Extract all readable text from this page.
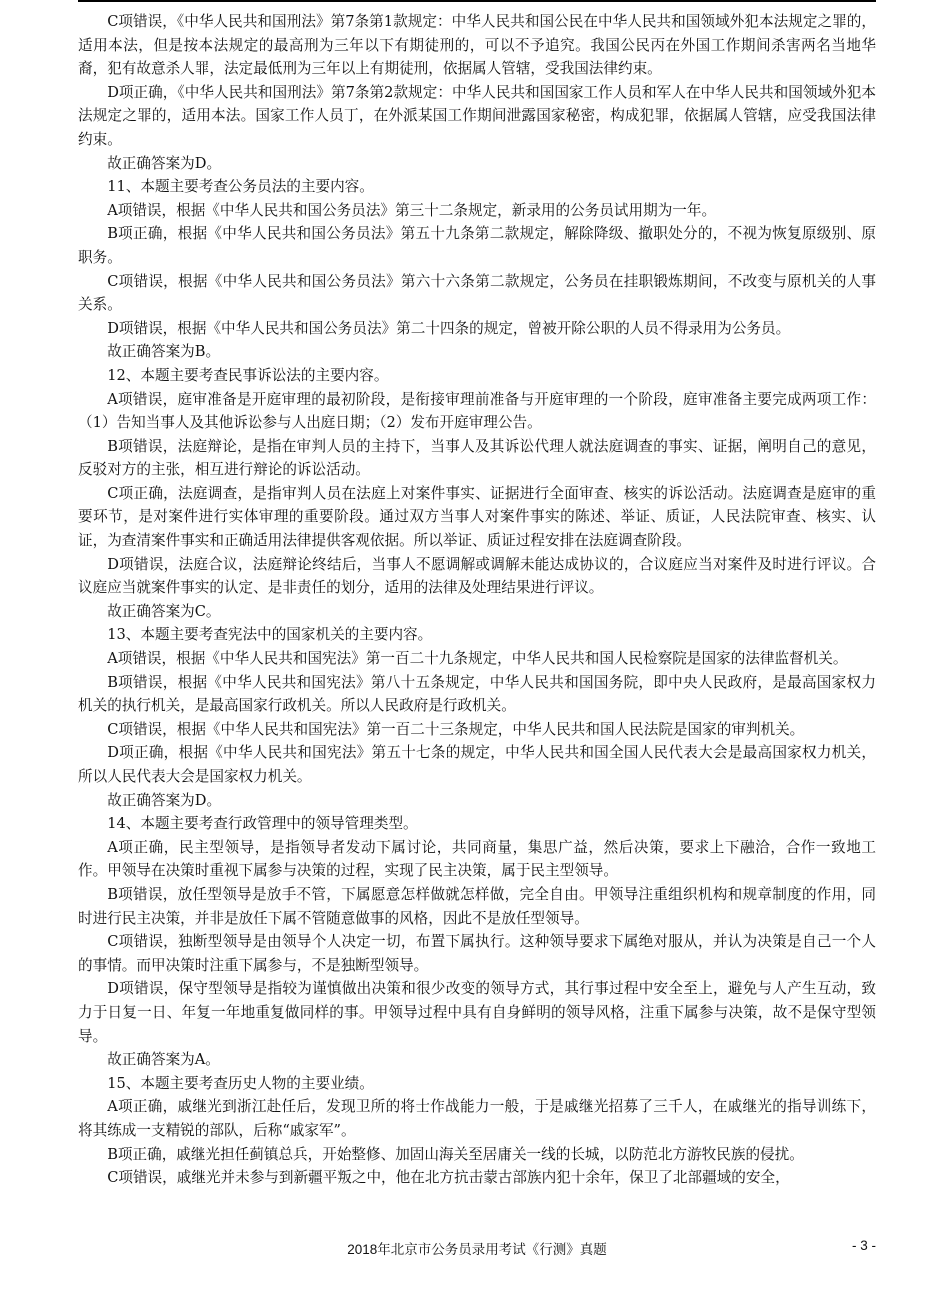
C项错误，《中华人民共和国刑法》第7条第1款规定：中华人民共和国公民在中华人民共和国领域外犯本法规定之罪的，适用本法，但是按本法规定的最高刑为三年以下有期徒刑的，可以不予追究。我国公民丙在外国工作期间杀害两名当地华裔，犯有故意杀人罪，法定最低刑为三年以上有期徒刑，依据属人管辖，受我国法律约束。

D项正确，《中华人民共和国刑法》第7条第2款规定：中华人民共和国国家工作人员和军人在中华人民共和国领域外犯本法规定之罪的，适用本法。国家工作人员丁，在外派某国工作期间泄露国家秘密，构成犯罪，依据属人管辖，应受我国法律约束。

故正确答案为D。

11、本题主要考查公务员法的主要内容。

A项错误，根据《中华人民共和国公务员法》第三十二条规定，新录用的公务员试用期为一年。

B项正确，根据《中华人民共和国公务员法》第五十九条第二款规定，解除降级、撤职处分的，不视为恢复原级别、原职务。

C项错误，根据《中华人民共和国公务员法》第六十六条第二款规定，公务员在挂职锻炼期间，不改变与原机关的人事关系。

D项错误，根据《中华人民共和国公务员法》第二十四条的规定，曾被开除公职的人员不得录用为公务员。

故正确答案为B。

12、本题主要考查民事诉讼法的主要内容。

A项错误，庭审准备是开庭审理的最初阶段，是衔接审理前准备与开庭审理的一个阶段，庭审准备主要完成两项工作：（1）告知当事人及其他诉讼参与人出庭日期；（2）发布开庭审理公告。

B项错误，法庭辩论，是指在审判人员的主持下，当事人及其诉讼代理人就法庭调查的事实、证据，阐明自己的意见，反驳对方的主张，相互进行辩论的诉讼活动。

C项正确，法庭调查，是指审判人员在法庭上对案件事实、证据进行全面审查、核实的诉讼活动。法庭调查是庭审的重要环节，是对案件进行实体审理的重要阶段。通过双方当事人对案件事实的陈述、举证、质证，人民法院审查、核实、认证，为查清案件事实和正确适用法律提供客观依据。所以举证、质证过程安排在法庭调查阶段。

D项错误，法庭合议，法庭辩论终结后，当事人不愿调解或调解未能达成协议的，合议庭应当对案件及时进行评议。合议庭应当就案件事实的认定、是非责任的划分，适用的法律及处理结果进行评议。

故正确答案为C。

13、本题主要考查宪法中的国家机关的主要内容。

A项错误，根据《中华人民共和国宪法》第一百二十九条规定，中华人民共和国人民检察院是国家的法律监督机关。

B项错误，根据《中华人民共和国宪法》第八十五条规定，中华人民共和国国务院，即中央人民政府，是最高国家权力机关的执行机关，是最高国家行政机关。所以人民政府是行政机关。

C项错误，根据《中华人民共和国宪法》第一百二十三条规定，中华人民共和国人民法院是国家的审判机关。

D项正确，根据《中华人民共和国宪法》第五十七条的规定，中华人民共和国全国人民代表大会是最高国家权力机关，所以人民代表大会是国家权力机关。

故正确答案为D。

14、本题主要考查行政管理中的领导管理类型。

A项正确，民主型领导，是指领导者发动下属讨论，共同商量，集思广益，然后决策，要求上下融洽，合作一致地工作。甲领导在决策时重视下属参与决策的过程，实现了民主决策，属于民主型领导。

B项错误，放任型领导是放手不管，下属愿意怎样做就怎样做，完全自由。甲领导注重组织机构和规章制度的作用，同时进行民主决策，并非是放任下属不管随意做事的风格，因此不是放任型领导。

C项错误，独断型领导是由领导个人决定一切，布置下属执行。这种领导要求下属绝对服从，并认为决策是自己一个人的事情。而甲决策时注重下属参与，不是独断型领导。

D项错误，保守型领导是指较为谨慎做出决策和很少改变的领导方式，其行事过程中安全至上，避免与人产生互动，致力于日复一日、年复一年地重复做同样的事。甲领导过程中具有自身鲜明的领导风格，注重下属参与决策，故不是保守型领导。

故正确答案为A。

15、本题主要考查历史人物的主要业绩。

A项正确，戚继光到浙江赴任后，发现卫所的将士作战能力一般，于是戚继光招募了三千人，在戚继光的指导训练下，将其练成一支精锐的部队，后称“戚家军”。

B项正确，戚继光担任蓟镇总兵，开始整修、加固山海关至居庸关一线的长城，以防范北方游牧民族的侵扰。

C项错误，戚继光并未参与到新疆平叛之中，他在北方抗击蒙古部族内犯十余年，保卫了北部疆域的安全，

2018年北京市公务员录用考试《行测》真题	- 3 -
